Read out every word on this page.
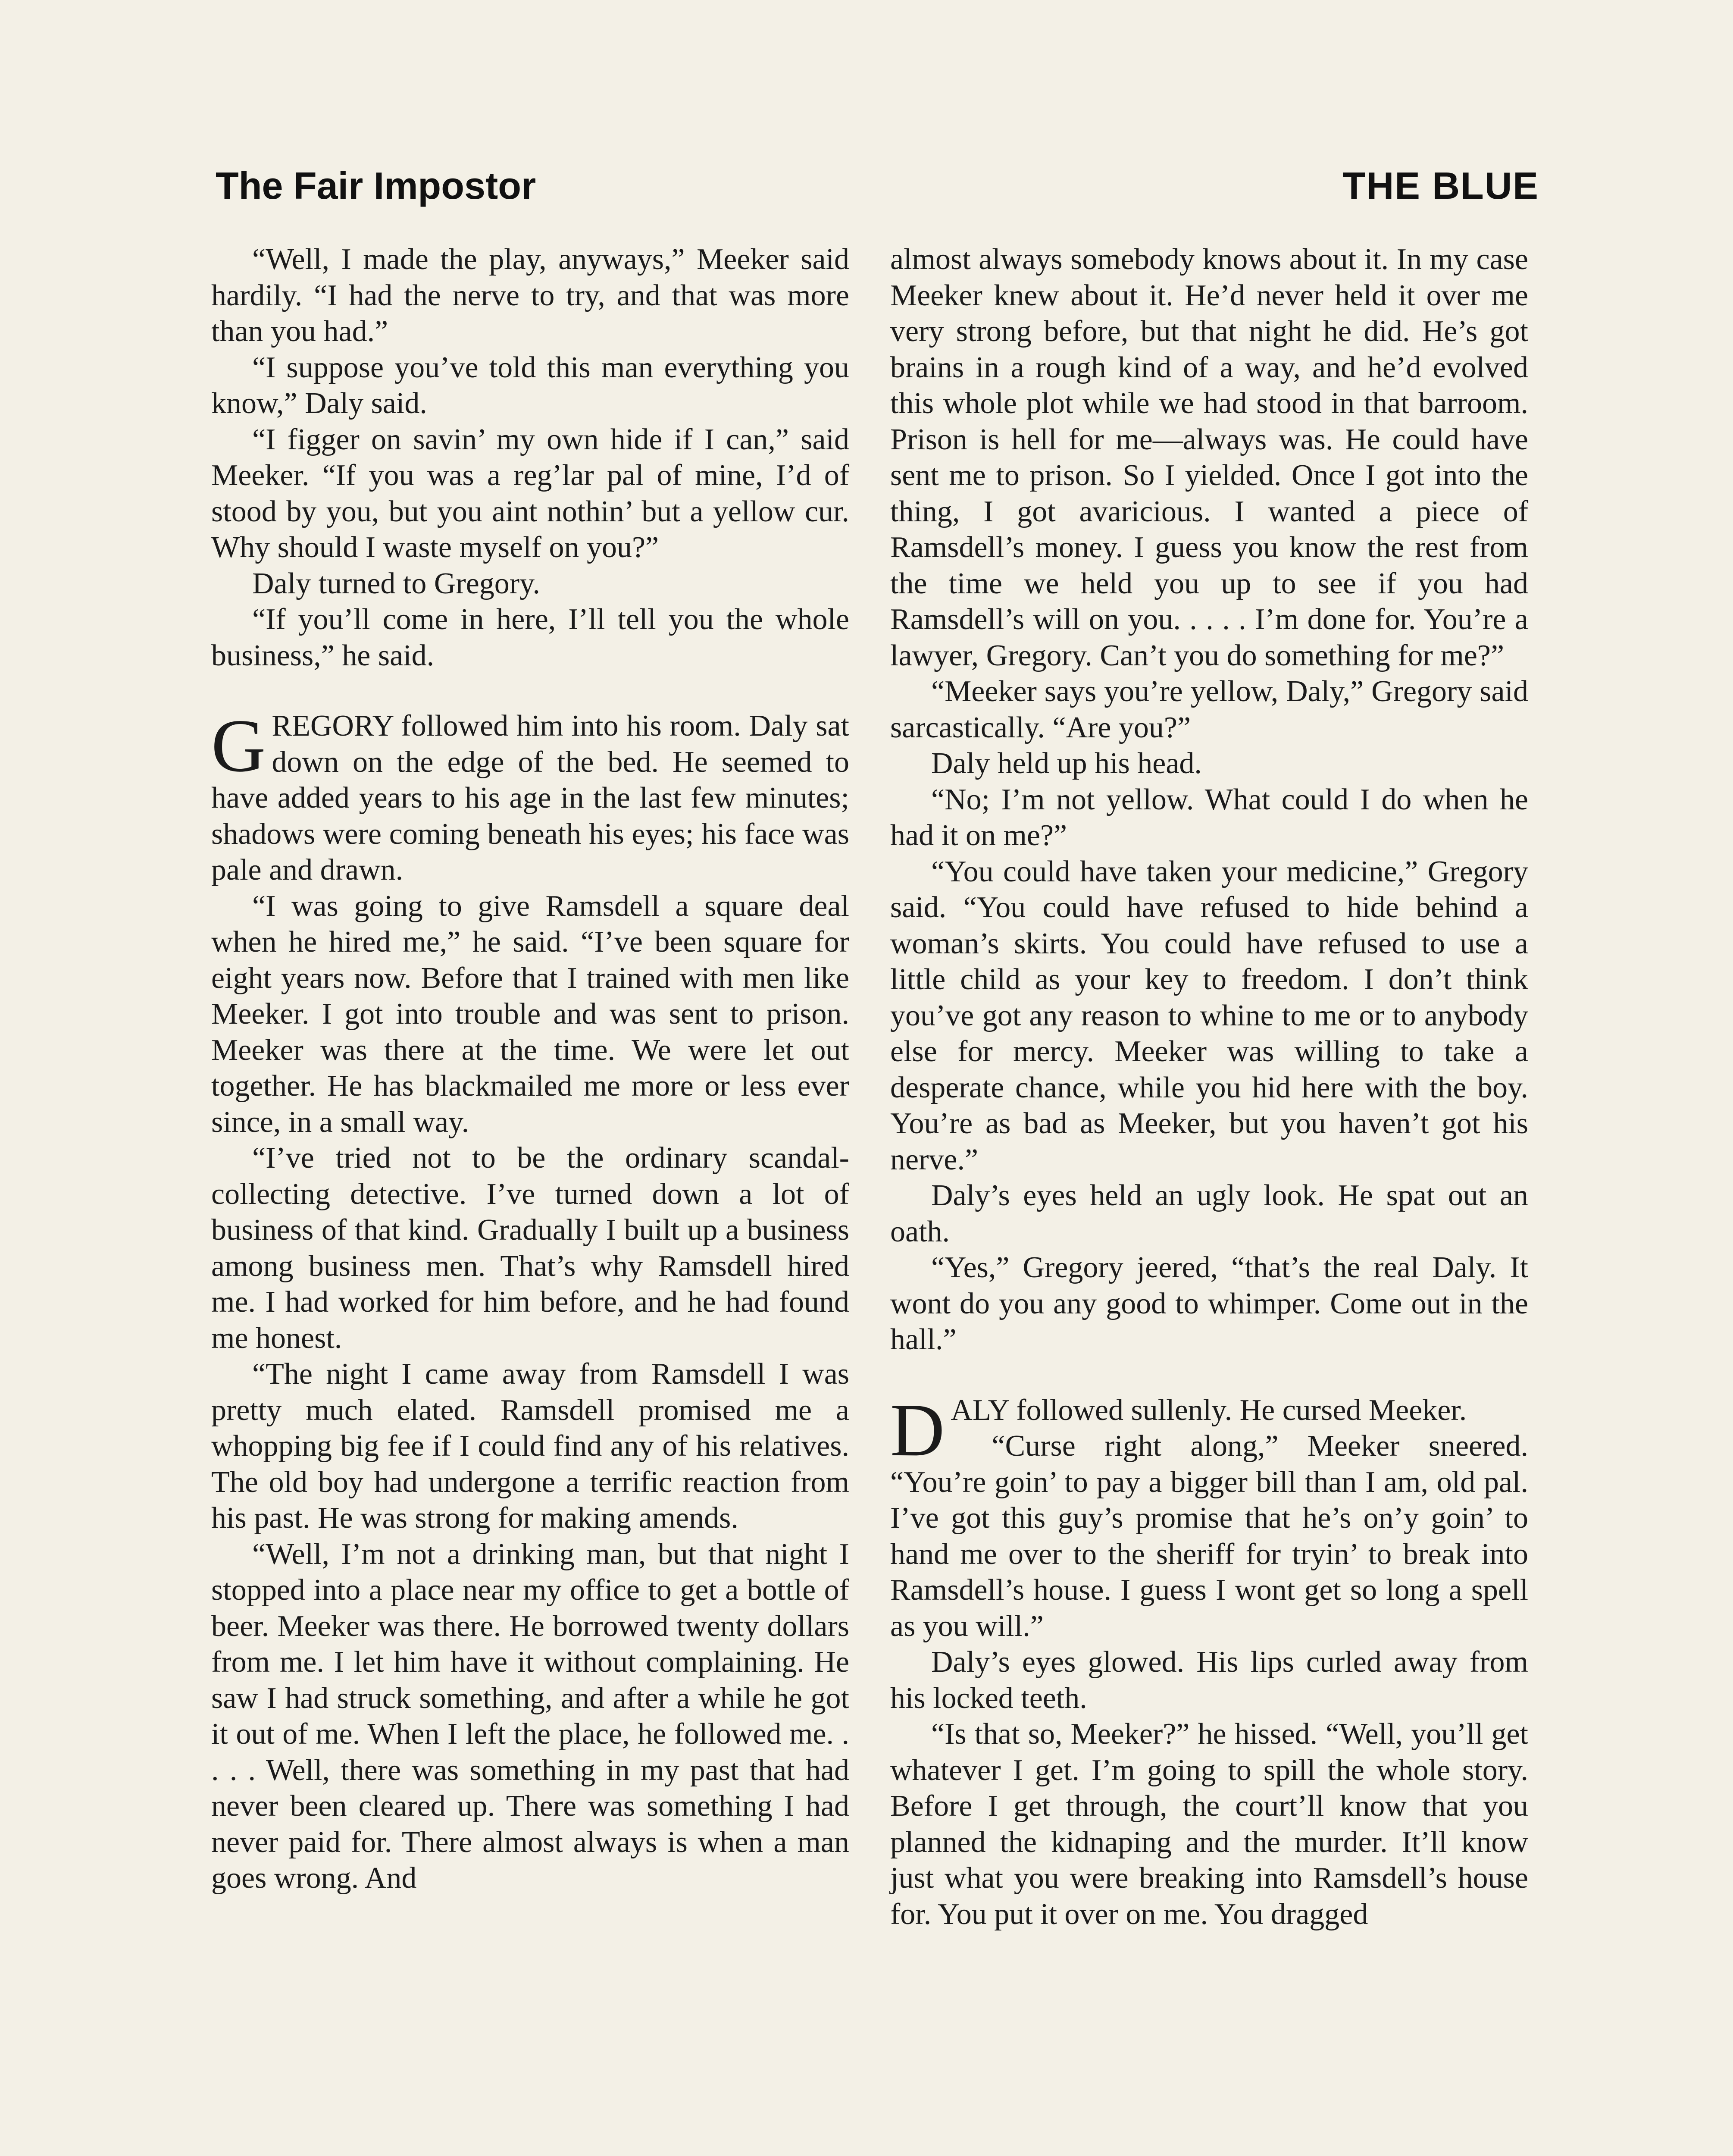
The Fair Impostor	THE BLUE

“Well, I made the play, anyways,” Meeker said hardily. “I had the nerve to try, and that was more than you had.”

“I suppose you’ve told this man everything you know,” Daly said.

“I figger on savin’ my own hide if I can,” said Meeker. “If you was a reg’lar pal of mine, I’d of stood by you, but you aint nothin’ but a yellow cur. Why should I waste myself on you?”

Daly turned to Gregory.

“If you’ll come in here, I’ll tell you the whole business,” he said.

GREGORY followed him into his room. Daly sat down on the edge of the bed. He seemed to have added years to his age in the last few minutes; shadows were coming beneath his eyes; his face was pale and drawn.

“I was going to give Ramsdell a square deal when he hired me,” he said. “I’ve been square for eight years now. Before that I trained with men like Meeker. I got into trouble and was sent to prison. Meeker was there at the time. We were let out together. He has blackmailed me more or less ever since, in a small way.

“I’ve tried not to be the ordinary scandal-collecting detective. I’ve turned down a lot of business of that kind. Gradually I built up a business among business men. That’s why Ramsdell hired me. I had worked for him before, and he had found me honest.

“The night I came away from Ramsdell I was pretty much elated. Ramsdell promised me a whopping big fee if I could find any of his relatives. The old boy had undergone a terrific reaction from his past. He was strong for making amends.

“Well, I’m not a drinking man, but that night I stopped into a place near my office to get a bottle of beer. Meeker was there. He borrowed twenty dollars from me. I let him have it without complaining. He saw I had struck something, and after a while he got it out of me. When I left the place, he followed me. . . . . Well, there was something in my past that had never been cleared up. There was something I had never paid for. There almost always is when a man goes wrong. And

almost always somebody knows about it. In my case Meeker knew about it. He’d never held it over me very strong before, but that night he did. He’s got brains in a rough kind of a way, and he’d evolved this whole plot while we had stood in that barroom. Prison is hell for me—always was. He could have sent me to prison. So I yielded. Once I got into the thing, I got avaricious. I wanted a piece of Ramsdell’s money. I guess you know the rest from the time we held you up to see if you had Ramsdell’s will on you. . . . . I’m done for. You’re a lawyer, Gregory. Can’t you do something for me?”

“Meeker says you’re yellow, Daly,” Gregory said sarcastically. “Are you?”

Daly held up his head.

“No; I’m not yellow. What could I do when he had it on me?”

“You could have taken your medicine,” Gregory said. “You could have refused to hide behind a woman’s skirts. You could have refused to use a little child as your key to freedom. I don’t think you’ve got any reason to whine to me or to anybody else for mercy. Meeker was willing to take a desperate chance, while you hid here with the boy. You’re as bad as Meeker, but you haven’t got his nerve.”

Daly’s eyes held an ugly look. He spat out an oath.

“Yes,” Gregory jeered, “that’s the real Daly. It wont do you any good to whimper. Come out in the hall.”

DALY followed sullenly. He cursed Meeker.

“Curse right along,” Meeker sneered. “You’re goin’ to pay a bigger bill than I am, old pal. I’ve got this guy’s promise that he’s on’y goin’ to hand me over to the sheriff for tryin’ to break into Ramsdell’s house. I guess I wont get so long a spell as you will.”

Daly’s eyes glowed. His lips curled away from his locked teeth.

“Is that so, Meeker?” he hissed. “Well, you’ll get whatever I get. I’m going to spill the whole story. Before I get through, the court’ll know that you planned the kidnaping and the murder. It’ll know just what you were breaking into Ramsdell’s house for. You put it over on me. You dragged
